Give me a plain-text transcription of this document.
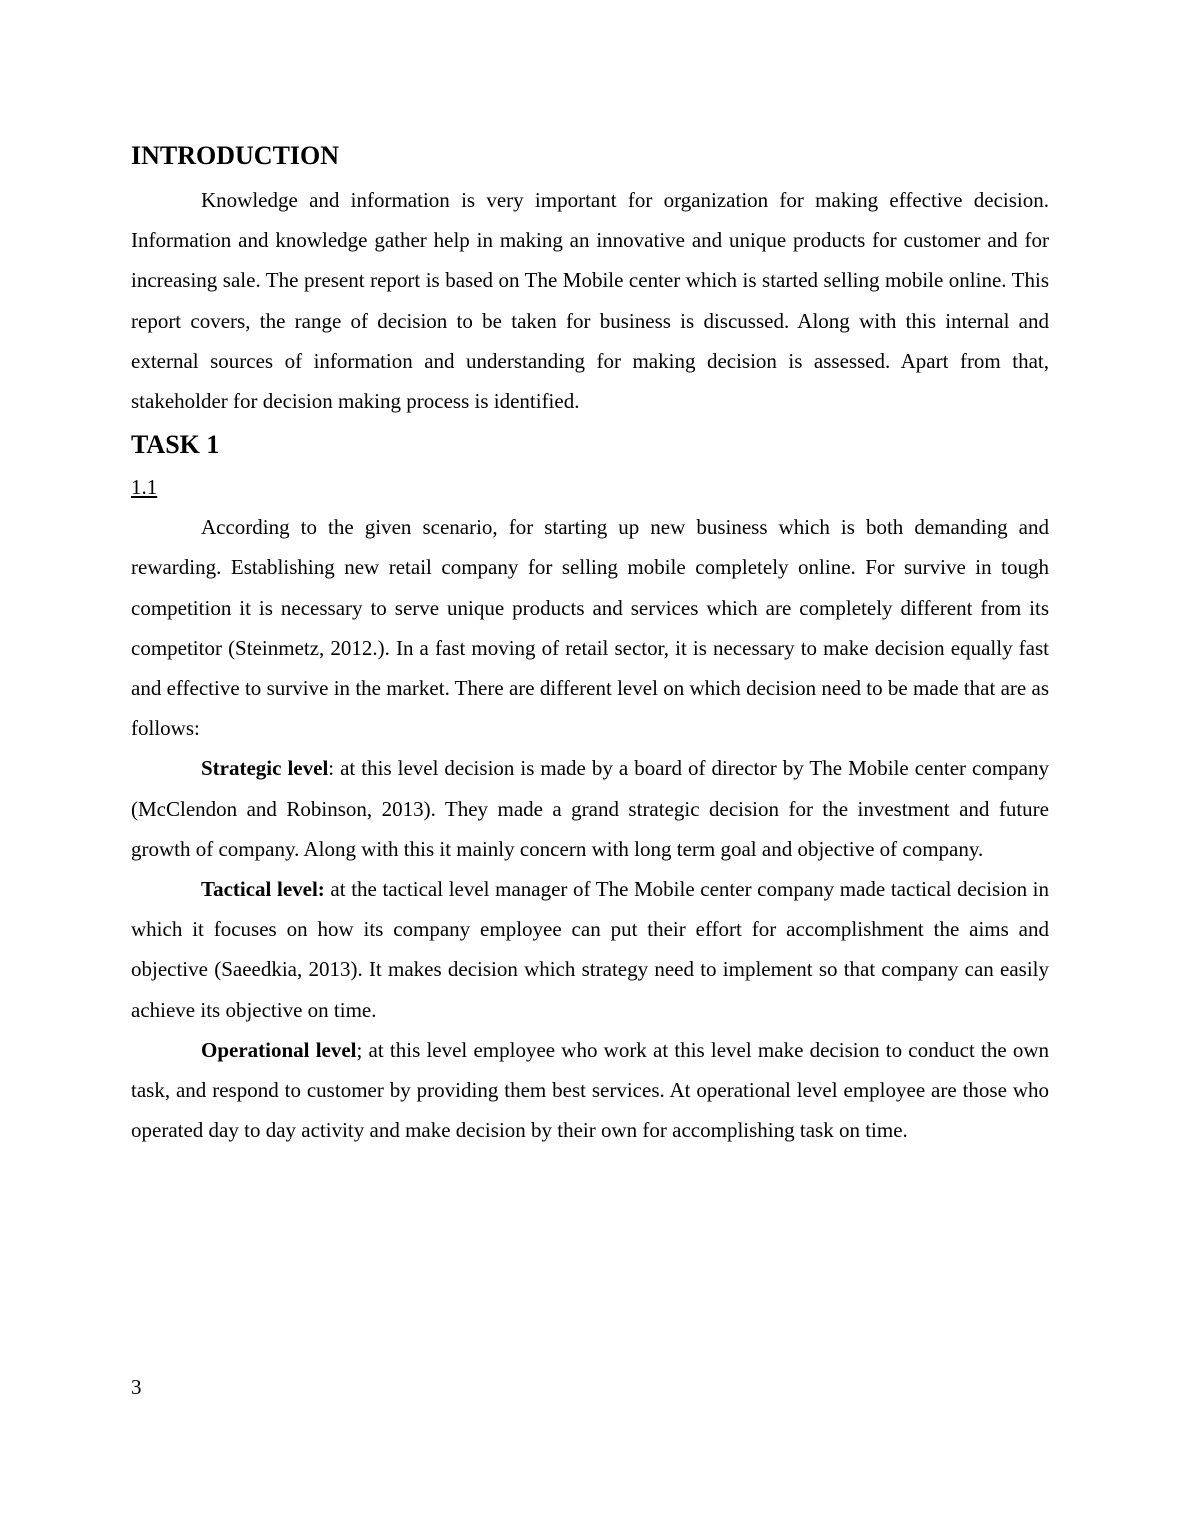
INTRODUCTION

Knowledge and information is very important for organization for making effective decision. Information and knowledge gather help in making an innovative and unique products for customer and for increasing sale. The present report is based on The Mobile center which is started selling mobile online. This report covers, the range of decision to be taken for business is discussed. Along with this internal and external sources of information and understanding for making decision is assessed. Apart from that, stakeholder for decision making process is identified.

TASK 1
1.1

According to the given scenario, for starting up new business which is both demanding and rewarding. Establishing new retail company for selling mobile completely online. For survive in tough competition it is necessary to serve unique products and services which are completely different from its competitor (Steinmetz, 2012.). In a fast moving of retail sector, it is necessary to make decision equally fast and effective to survive in the market. There are different level on which decision need to be made that are as follows:

Strategic level: at this level decision is made by a board of director by The Mobile center company (McClendon and Robinson, 2013). They made a grand strategic decision for the investment and future growth of company. Along with this it mainly concern with long term goal and objective of company.

Tactical level: at the tactical level manager of The Mobile center company made tactical decision in which it focuses on how its company employee can put their effort for accomplishment the aims and objective (Saeedkia, 2013). It makes decision which strategy need to implement so that company can easily achieve its objective on time.

Operational level; at this level employee who work at this level make decision to conduct the own task, and respond to customer by providing them best services. At operational level employee are those who operated day to day activity and make decision by their own for accomplishing task on time.

3
